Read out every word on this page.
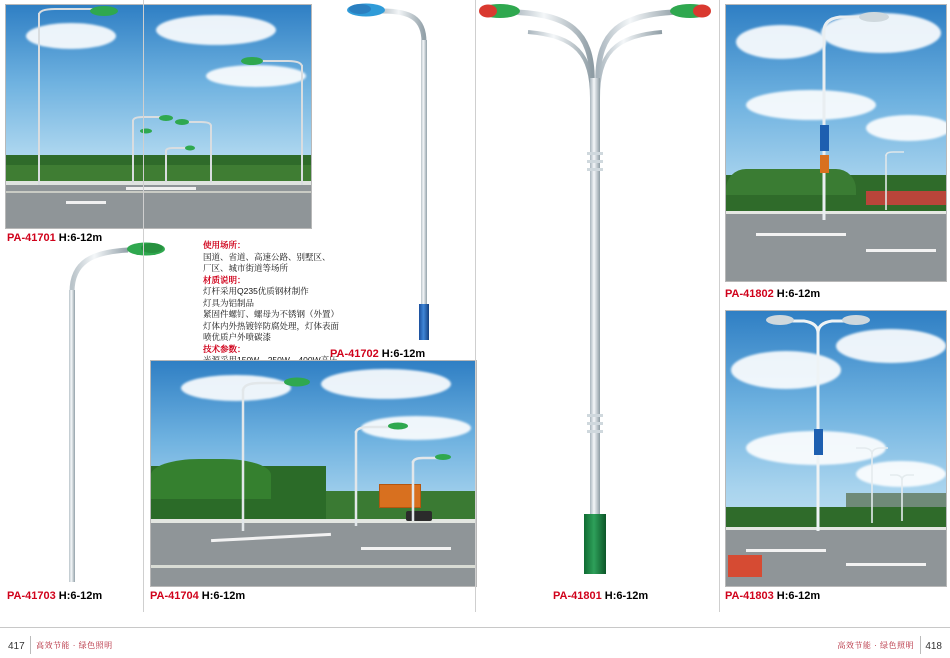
PA-41701 H:6-12m

使用场所：

国道、省道、高速公路、别墅区、

厂区、城市街道等场所

材质说明：

灯杆采用Q235优质钢材制作

灯具为铝制品

紧固件螺钉、螺母为不锈钢（外置）

灯体内外热镀锌防腐处理，灯体表面

喷优质户外喷碳漆

技术参数：	PA-41702 H:6-12m
PA-41703 H:6-12m	PA-41704 H:6-12m	PA-41801 H:6-12m
PA-41802 H:6-12m
PA-41803 H:6-12m
417 高效节能 · 绿色照明	高效节能 · 绿色照明 418
